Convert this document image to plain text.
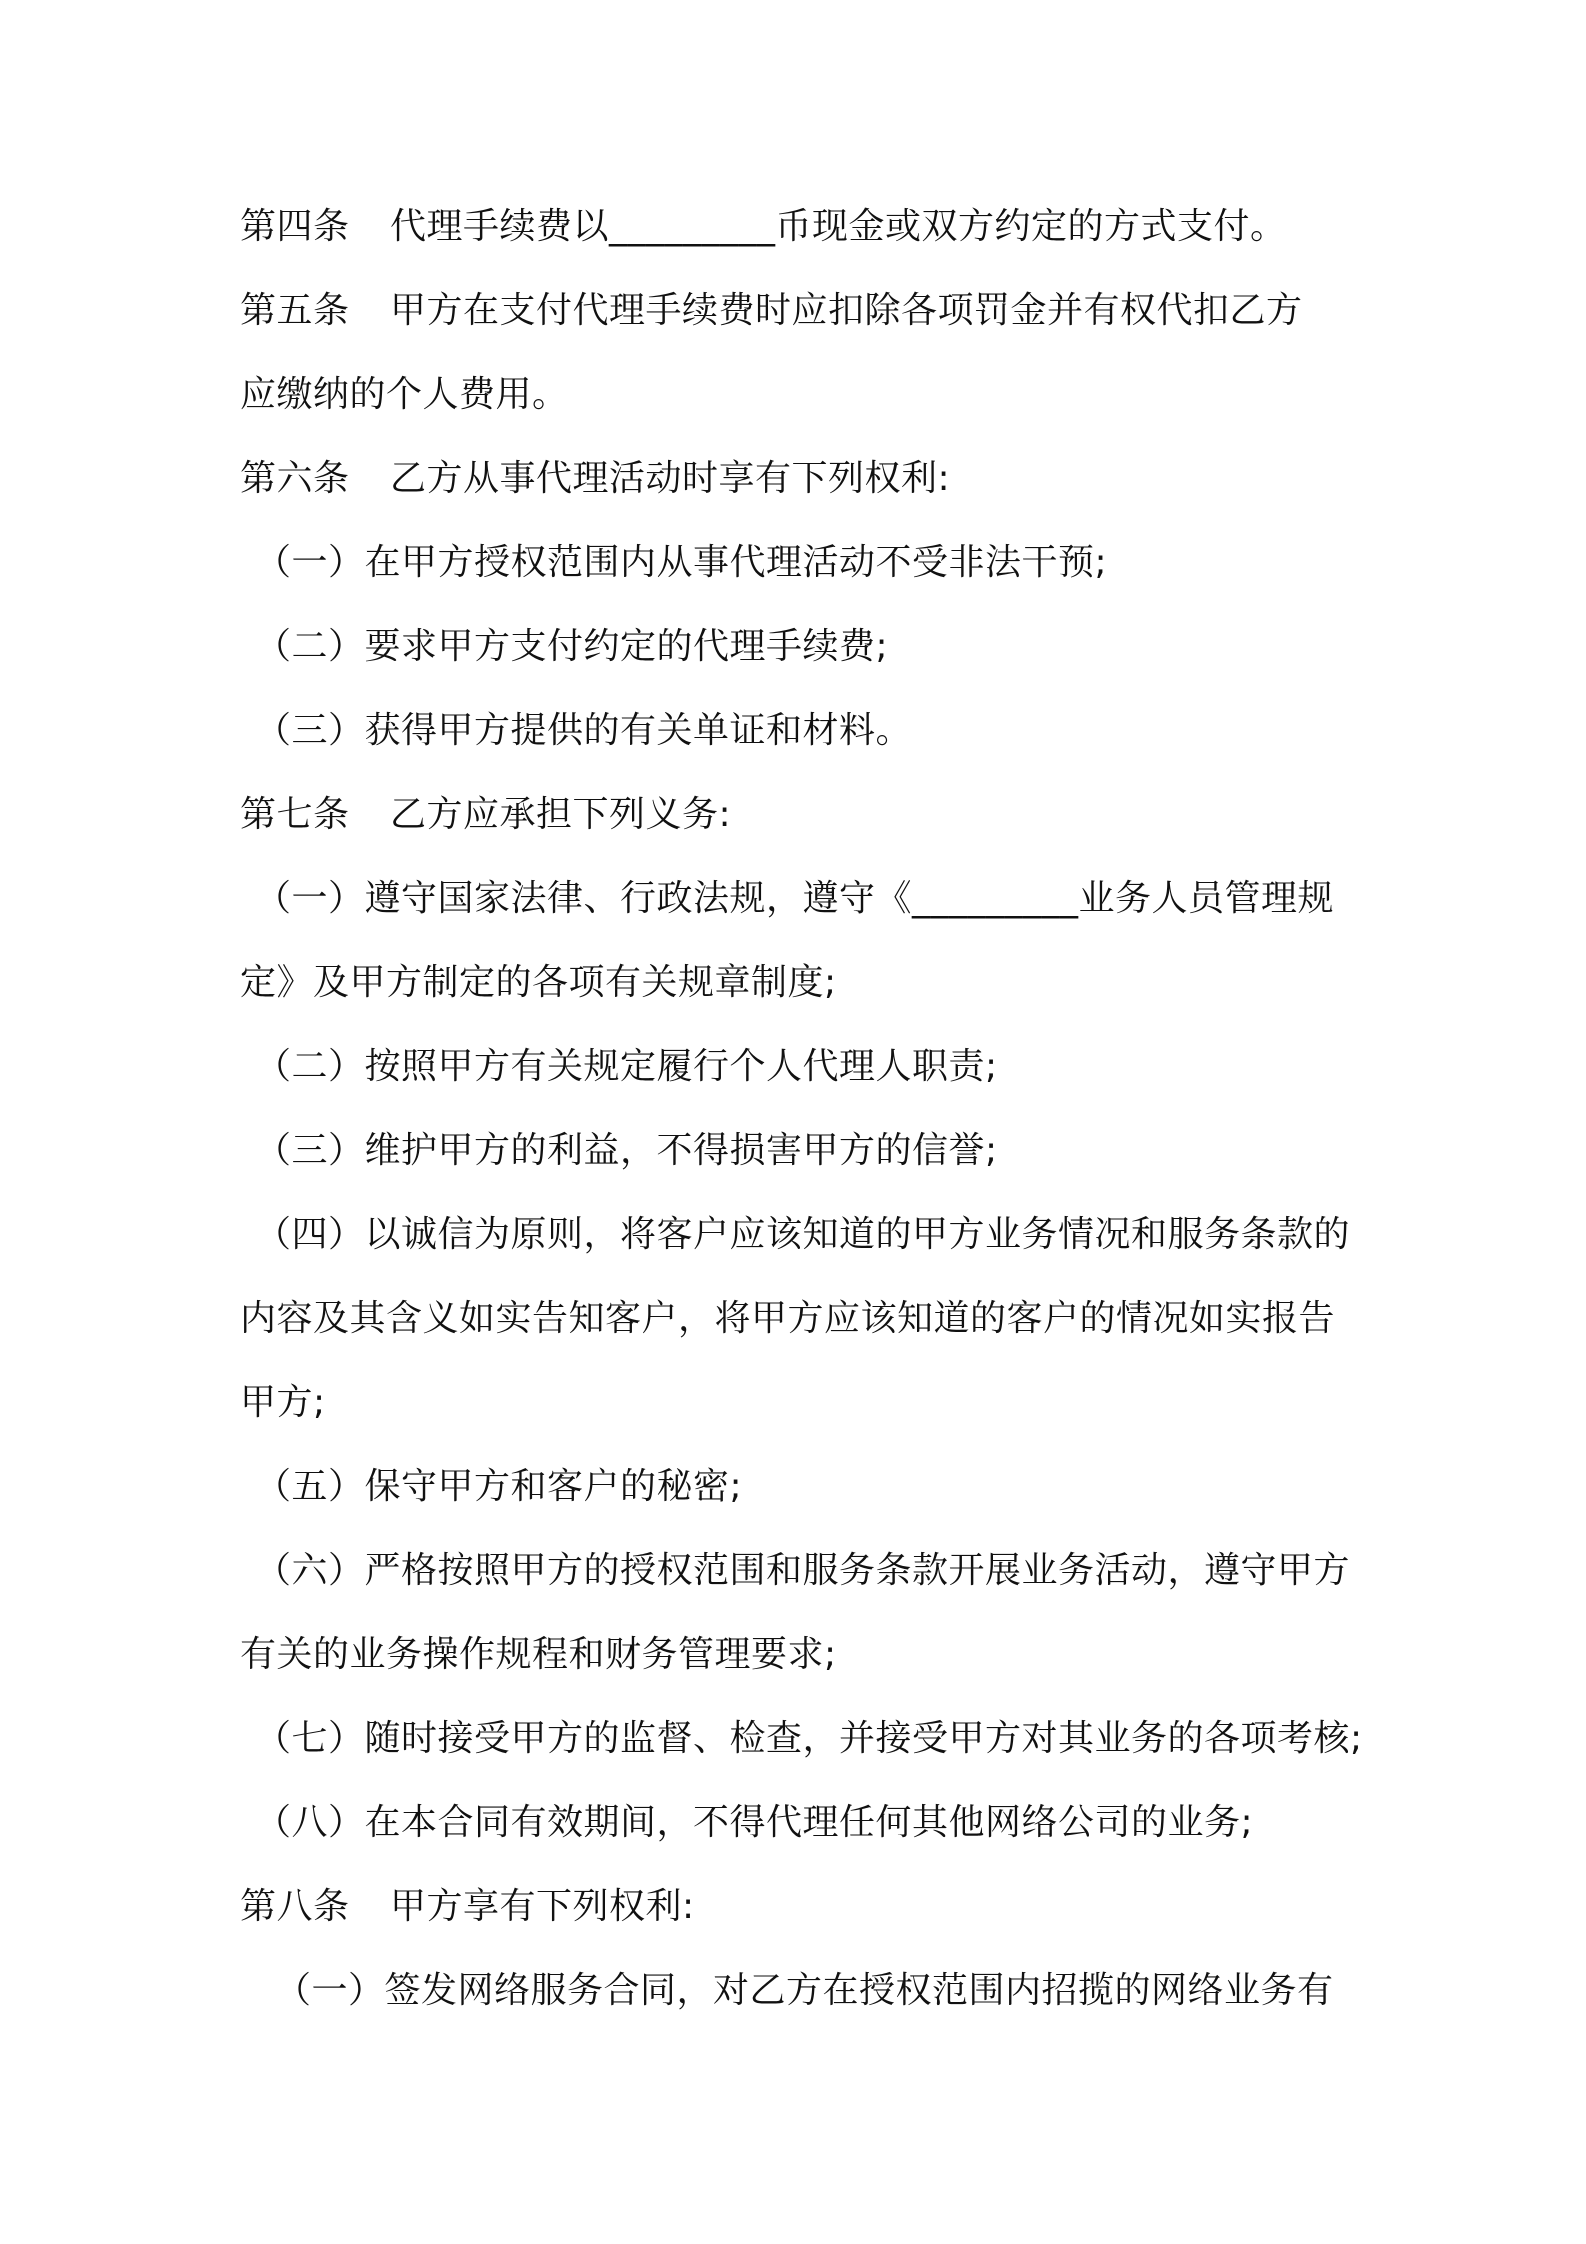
第四条 代理手续费以_________币现金或双方约定的方式支付。
第五条 甲方在支付代理手续费时应扣除各项罚金并有权代扣乙方
应缴纳的个人费用。
第六条 乙方从事代理活动时享有下列权利:
（一）在甲方授权范围内从事代理活动不受非法干预;
（二）要求甲方支付约定的代理手续费;
（三）获得甲方提供的有关单证和材料。
第七条 乙方应承担下列义务:
（一）遵守国家法律、行政法规，遵守《_________业务人员管理规
定》及甲方制定的各项有关规章制度;
（二）按照甲方有关规定履行个人代理人职责;
（三）维护甲方的利益，不得损害甲方的信誉;
（四）以诚信为原则，将客户应该知道的甲方业务情况和服务条款的
内容及其含义如实告知客户，将甲方应该知道的客户的情况如实报告
甲方;
（五）保守甲方和客户的秘密;
（六）严格按照甲方的授权范围和服务条款开展业务活动，遵守甲方
有关的业务操作规程和财务管理要求;
（七）随时接受甲方的监督、检查，并接受甲方对其业务的各项考核;
（八）在本合同有效期间，不得代理任何其他网络公司的业务;
第八条 甲方享有下列权利:
（一）签发网络服务合同，对乙方在授权范围内招揽的网络业务有
